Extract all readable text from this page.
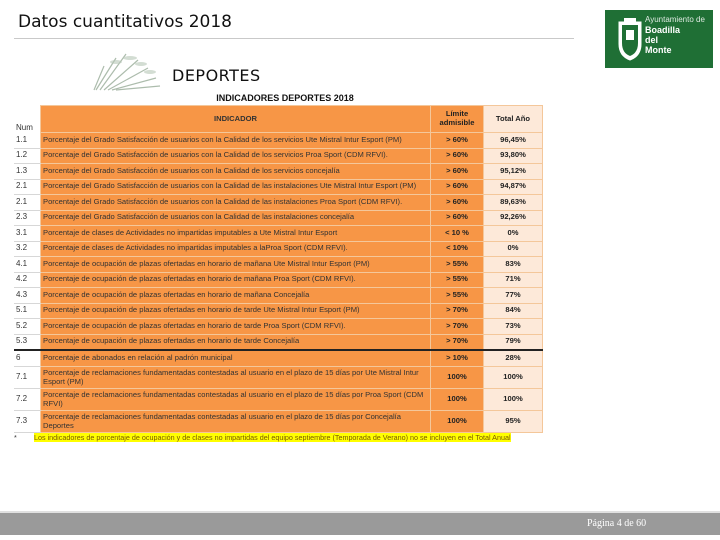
Datos cuantitativos 2018
DEPORTES
Ayuntamiento de
Boadilla
del
Monte
INDICADORES DEPORTES 2018
Num	INDICADOR	Límite admisible	Total Año
1.1	Porcentaje del Grado Satisfacción de usuarios con la Calidad de los servicios Ute Mistral Intur Esport (PM)	> 60%	96,45%
1.2	Porcentaje del Grado Satisfacción de usuarios con la Calidad de los servicios Proa Sport (CDM RFVI).	> 60%	93,80%
1.3	Porcentaje del Grado Satisfacción de usuarios con la Calidad de los servicios concejalía	> 60%	95,12%
2.1	Porcentaje del Grado Satisfacción de usuarios con la Calidad de las instalaciones Ute Mistral Intur Esport (PM)	> 60%	94,87%
2.1	Porcentaje del Grado Satisfacción de usuarios con la Calidad de las instalaciones Proa Sport (CDM RFVI).	> 60%	89,63%
2.3	Porcentaje del Grado Satisfacción de usuarios con la Calidad de las instalaciones concejalía	> 60%	92,26%
3.1	Porcentaje de clases de Actividades no impartidas imputables a Ute Mistral Intur Esport	< 10 %	0%
3.2	Porcentaje de clases de Actividades no impartidas imputables a laProa Sport (CDM RFVI).	< 10%	0%
4.1	Porcentaje de ocupación de plazas ofertadas en horario de mañana Ute Mistral Intur Esport (PM)	> 55%	83%
4.2	Porcentaje de ocupación de plazas ofertadas en horario de mañana Proa Sport (CDM RFVI).	> 55%	71%
4.3	Porcentaje de ocupación de plazas ofertadas en horario de mañana Concejalía	> 55%	77%
5.1	Porcentaje de ocupación de plazas ofertadas en horario de tarde Ute Mistral Intur Esport (PM)	> 70%	84%
5.2	Porcentaje de ocupación de plazas ofertadas en horario de tarde Proa Sport (CDM RFVI).	> 70%	73%
5.3	Porcentaje de ocupación de plazas ofertadas en horario de tarde Concejalía	> 70%	79%
6	Porcentaje de abonados en relación al padrón municipal	> 10%	28%
7.1	Porcentaje de reclamaciones fundamentadas contestadas al usuario en el plazo de 15 días por Ute Mistral Intur Esport (PM)	100%	100%
7.2	Porcentaje de reclamaciones fundamentadas contestadas al usuario en el plazo de 15 días por Proa Sport (CDM RFVI)	100%	100%
7.3	Porcentaje de reclamaciones fundamentadas contestadas al usuario en el plazo de 15 días por Concejalía Deportes	100%	95%
* Los indicadores de porcentaje de ocupación y de clases no impartidas del equipo septiembre (Temporada de Verano) no se incluyen en el Total Anual
Página 4 de 60
